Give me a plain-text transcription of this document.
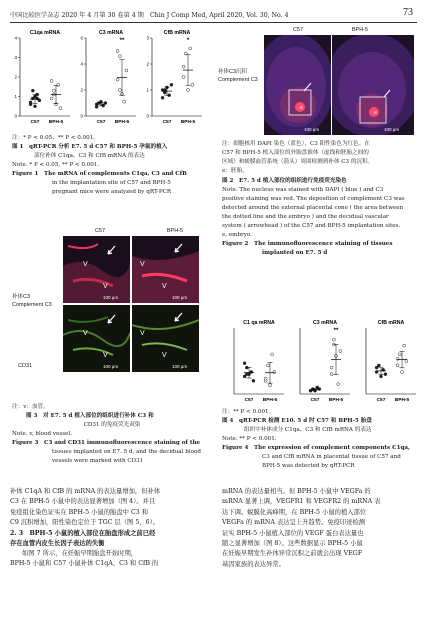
中国比较医学杂志 2020 年 4 月第 30 卷第 4 期　Chin J Comp Med, April 2020, Vol. 30, No. 4	73
C1qa mRNA
0
1
2
3
4
C57 BPH-5
C3 mRNA
0
2
4
6
C57 BPH-5
**
CfB mRNA
0
1
2
3
C57 BPH-5
*
注：* P < 0.05，** P < 0.001。
图 1　qRT-PCR 分析 E7. 5 d C57 和 BPH-5 孕鼠的植入
部位补体 C1qa、C3 和 CfB mRNA 的表达
Note. * P < 0.05, ** P < 0.001.
Figure 1　The mRNA of complements C1qa, C3 and CfB
in the implantation site of C57 and BPH-5
pregnant mice were analyzed by qRT-PCR
C57	BPH-5
补体C3沉积
Complement C3
e
100 μm
e
100 μm
注：细胞核用 DAPI 染色（蓝色），C3 阳性染色为红色。在
C57 和 BPH-5 植入部位的外胎盘锥体（虚线和胚胎之间的
区域）和蜕膜血管系统（箭头）周围检测到补体 C3 的沉积。
e：胚胎。
图 2　E7. 5 d 植入部位的组织进行免疫荧光染色
Note. The nucleus was stained with DAPI ( blue ) and C3
positive staining was red. The deposition of complement C3 was
detected around the external placental cone ( the area between
the dotted line and the embryo ) and the decidual vascular
system ( arrowhead ) of the C57 and BPH-5 implantation sites.
e, embryo.
Figure 2　The immunofluorescence staining of tissues
implanted on E7. 5 d
C57	BPH-5
补体C3
Complement C3
CD31
V
V
100 μm
V
V
100 μm
V
V
100 μm
V
V
100 μm
注：v：血管。
图 3　对 E7. 5 d 植入部位的组织进行补体 C3 和
CD31 的免疫荧光双染
Note. v, blood vessel.
Figure 3　C3 and CD31 immunofluorescence staining of the
tissues implanted on E7. 5 d, and the decidual blood
vessels were marked with CD31
C1 qa mRNA
C57 BPH-5
C3 mRNA
C57 BPH-5
**
CfB mRNA
C57 BPH-5
注：** P < 0.001。
图 4　qRT-PCR 检测 E10. 5 d 时 C57 和 BPH-5 胎盘
组织中补体成分 C1qa、C3 和 CfB mRNA 的表达
Note. ** P < 0.001.
Figure 4　The expression of complement components C1qa,
C3 and CfB mRNA in placental tissue of C57 and
BPH-5 was detected by qRT-PCR
补体 C1qA 和 CfB 的 mRNA 的表达量增加，但补体
C3 在 BPH-5 小鼠中的表达显著增加（图 4）。并且
免疫组化染色证实在 BPH-5 小鼠的胎盘中 C3 和
C9 沉积增加，阳性染色定位于 TGC 层（图 5，6）。
2. 3　BPH-5 小鼠的植入部位在胎盘形成之前已经
存在血管内皮生长因子表达的失衡
如图 7 所示，在妊娠早期胎盘开始时期，
BPH-5 小鼠和 C57 小鼠补体 C1qA、C3 和 CfB 的
mRNA 的表达量相当。但 BPH-5 小鼠中 VEGFa 的
mRNA 显著上调，VEGFR1 和 VEGFR2 的 mRNA 表
达下调。蜕膜化高峰期，在 BPH-5 小鼠的植入部位
VEGFa 的 mRNA 表达呈上升趋势。免疫印迹检测
证实 BPH-5 小鼠植入部位的 VEGF 蛋白表达量也
随之显著增加（图 8）。这些数据显示 BPH-5 小鼠
在妊娠早期发生补体异常沉积之前就会出现 VEGF
基因家族的表达异常。
